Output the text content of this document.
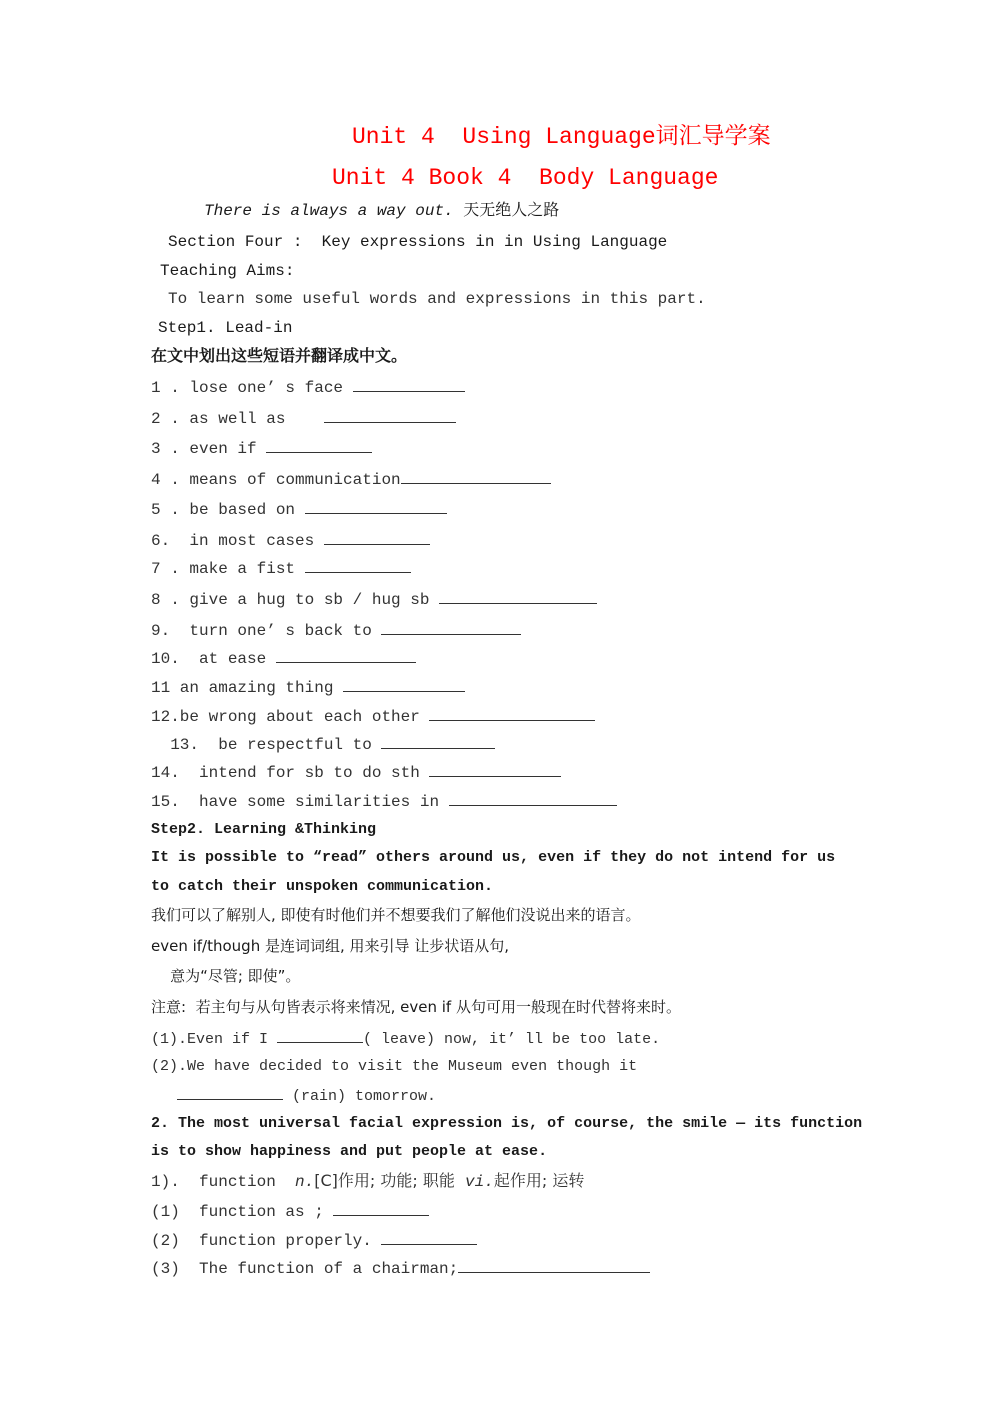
Unit 4  Using Language词汇导学案
Unit 4 Book 4  Body Language
There is always a way out. 天无绝人之路
Section Four :  Key expressions in in Using Language
Teaching Aims:
To learn some useful words and expressions in this part.
Step1. Lead-in
在文中划出这些短语并翻译成中文。
1 . lose one’ s face
2 . as well as
3 . even if
4 . means of communication
5 . be based on
6.  in most cases
7 . make a fist
8 . give a hug to sb / hug sb
9.  turn one’ s back to
10.  at ease
11 an amazing thing
12.be wrong about each other
13.  be respectful to
14.  intend for sb to do sth
15.  have some similarities in
Step2. Learning &Thinking
It is possible to “read” others around us, even if they do not intend for us
to catch their unspoken communication.
我们可以了解别人, 即使有时他们并不想要我们了解他们没说出来的语言。
even if/though 是连词词组, 用来引导 让步状语从句,
意为“尽管; 即使”。
注意:  若主句与从句皆表示将来情况, even if 从句可用一般现在时代替将来时。
(1).Even if I	( leave) now, it’ ll be too late.
(2).We have decided to visit the Museum even though it
(rain) tomorrow.
2. The most universal facial expression is, of course, the smile — its function
is to show happiness and put people at ease.
1).  function  n.[C]作用; 功能; 职能  vi.起作用; 运转
(1)  function as ;
(2)  function properly.
(3)  The function of a chairman;
